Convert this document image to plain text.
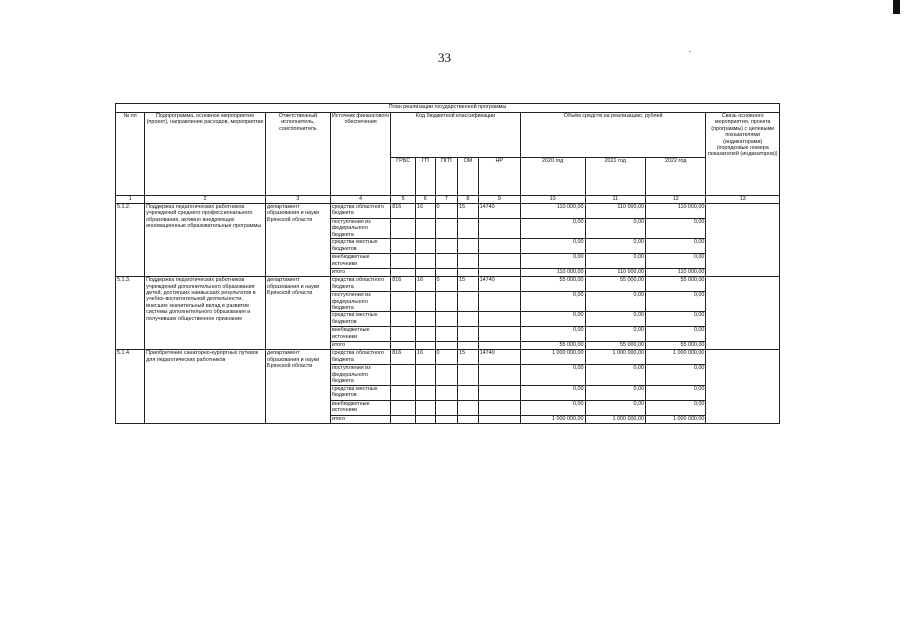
33
План реализации государственной программы												
№ пп	Подпрограмма, основное мероприятие (проект), направление расходов, мероприятие	Ответственный исполнитель, соисполнитель	Источник финансового обеспечения	Код бюджетной классификации					Объём средств на реализацию, рублей			Связь основного мероприятия, проекта (программы) с целевыми показателями (индикаторами) (порядковые номера показателей (индикаторов))
				ГРБС	ГП	ПГП	ОМ	НР	2020 год	2021 год	2022 год	
1	2	3	4	5	6	7	8	9	10	11	12	13
5.1.2.	Поддержка педагогических работников учреждений среднего профессионального образования, активно внедряющих инновационные образовательные программы	департамент образования и науки Брянской области	средства областного бюджета	816	16	0	15	14740	110 000,00	110 000,00	110 000,00	
			поступления из федерального бюджета						0,00	0,00	0,00	
			средства местных бюджетов						0,00	0,00	0,00	
			внебюджетные источники						0,00	0,00	0,00	
			итого						110 000,00	110 000,00	110 000,00	
5.1.3.	Поддержка педагогических работников учреждений дополнительного образования детей, достигших наивысших результатов в учебно-воспитательной деятельности, внесших значительный вклад в развитие системы дополнительного образования и получивших общественное признание	департамент образования и науки Брянской области	средства областного бюджета	816	16	0	15	14740	55 000,00	55 000,00	55 000,00	
			поступления из федерального бюджета						0,00	0,00	0,00	
			средства местных бюджетов						0,00	0,00	0,00	
			внебюджетные источники						0,00	0,00	0,00	
			итого						55 000,00	55 000,00	55 000,00	
5.1.4.	Приобретение санаторно-курортных путевок для педагогических работников	департамент образования и науки Брянской области	средства областного бюджета	816	16	0	15	14740	1 000 000,00	1 000 000,00	1 000 000,00	
			поступления из федерального бюджета						0,00	0,00	0,00	
			средства местных бюджетов						0,00	0,00	0,00	
			внебюджетные источники						0,00	0,00	0,00	
			итого						1 000 000,00	1 000 000,00	1 000 000,00	
